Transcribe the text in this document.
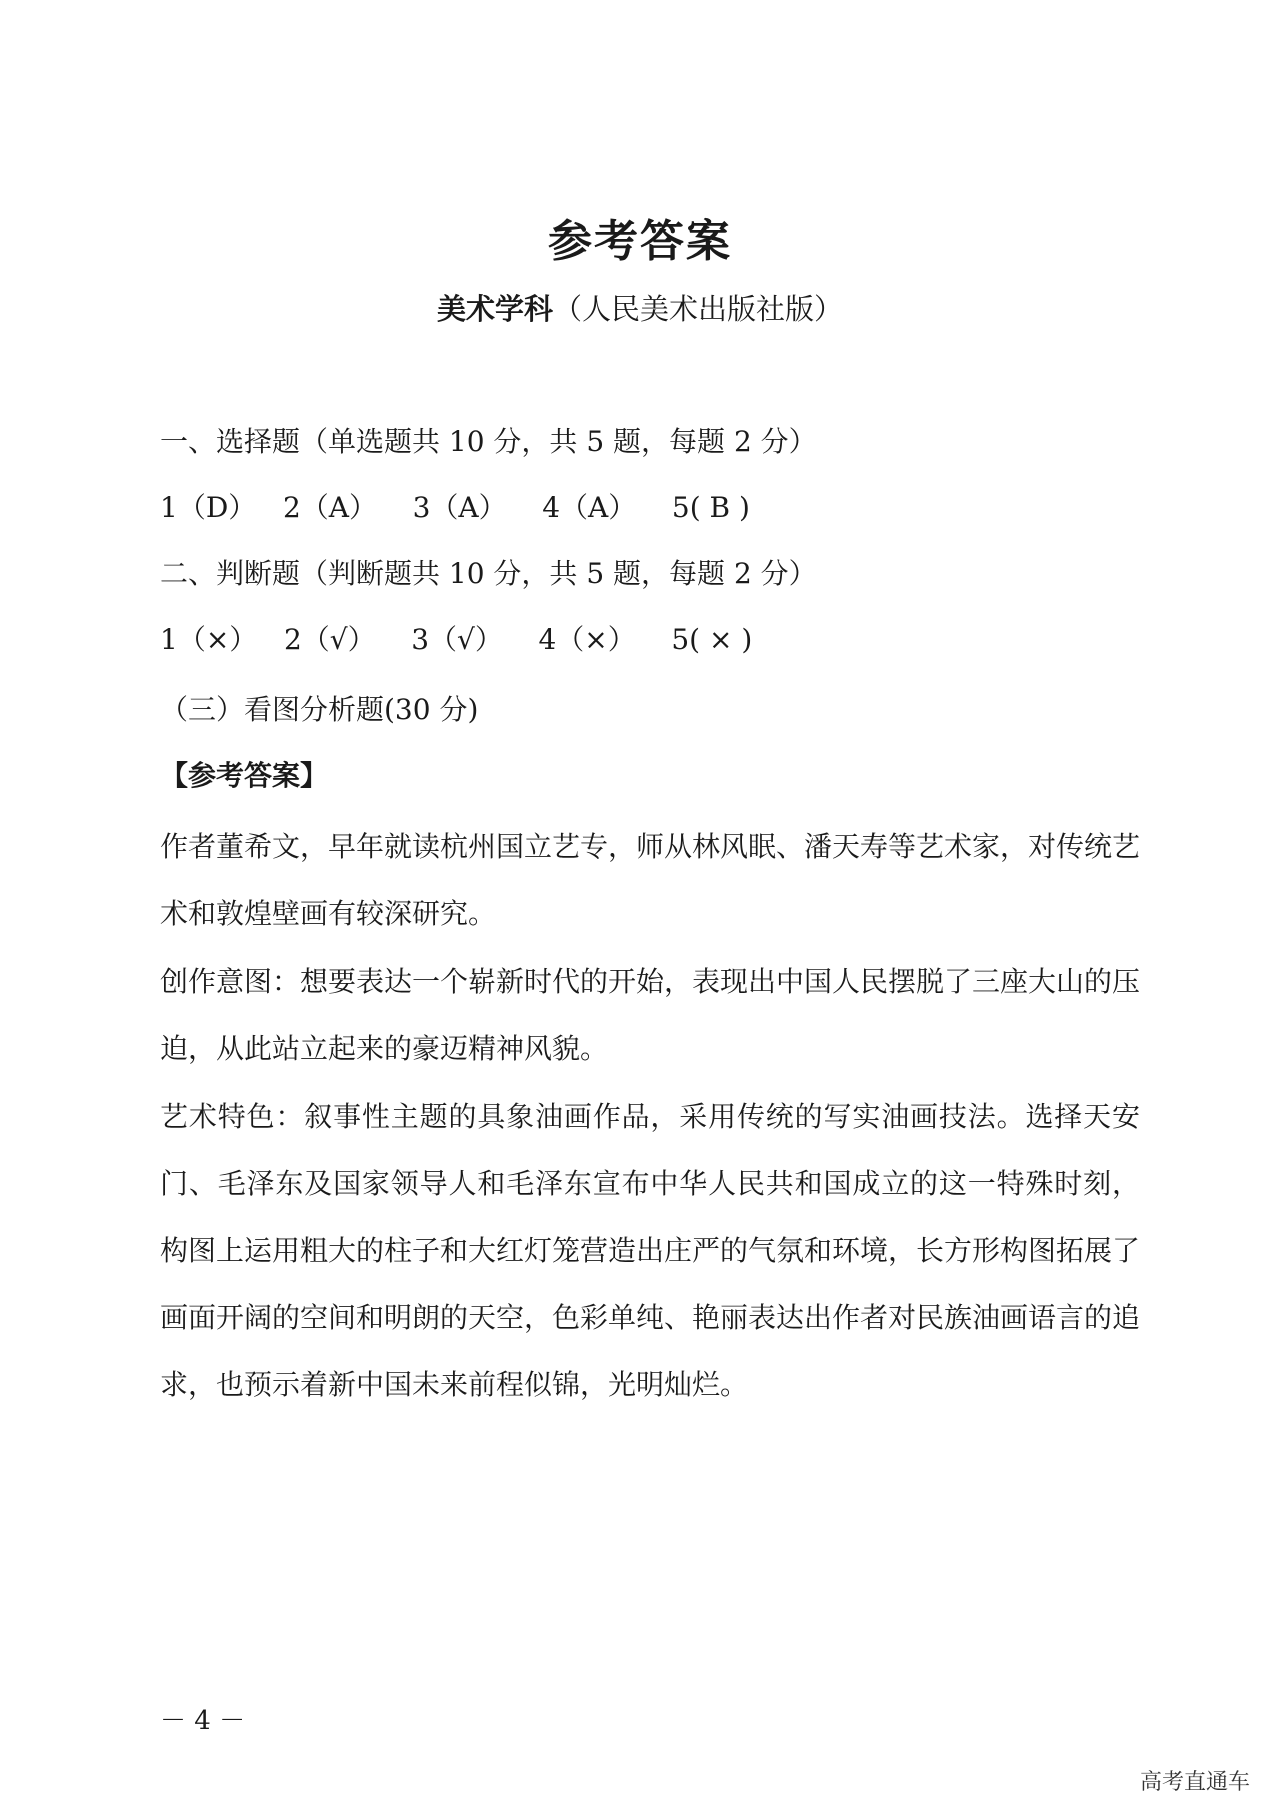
参考答案
美术学科（人民美术出版社版）
一、选择题（单选题共 10 分，共 5 题，每题 2 分）
1（D）   2（A）    3（A）    4（A）    5( B )
二、判断题（判断题共 10 分，共 5 题，每题 2 分）
1（×）   2（√）    3（√）    4（×）    5( × )
（三）看图分析题(30 分)
【参考答案】
作者董希文，早年就读杭州国立艺专，师从林风眠、潘天寿等艺术家，对传统艺术和敦煌壁画有较深研究。
创作意图：想要表达一个崭新时代的开始，表现出中国人民摆脱了三座大山的压迫，从此站立起来的豪迈精神风貌。
艺术特色：叙事性主题的具象油画作品，采用传统的写实油画技法。选择天安门、毛泽东及国家领导人和毛泽东宣布中华人民共和国成立的这一特殊时刻， 构图上运用粗大的柱子和大红灯笼营造出庄严的气氛和环境，长方形构图拓展了画面开阔的空间和明朗的天空，色彩单纯、艳丽表达出作者对民族油画语言的追求，也预示着新中国未来前程似锦，光明灿烂。
－ 4 －
高考直通车
